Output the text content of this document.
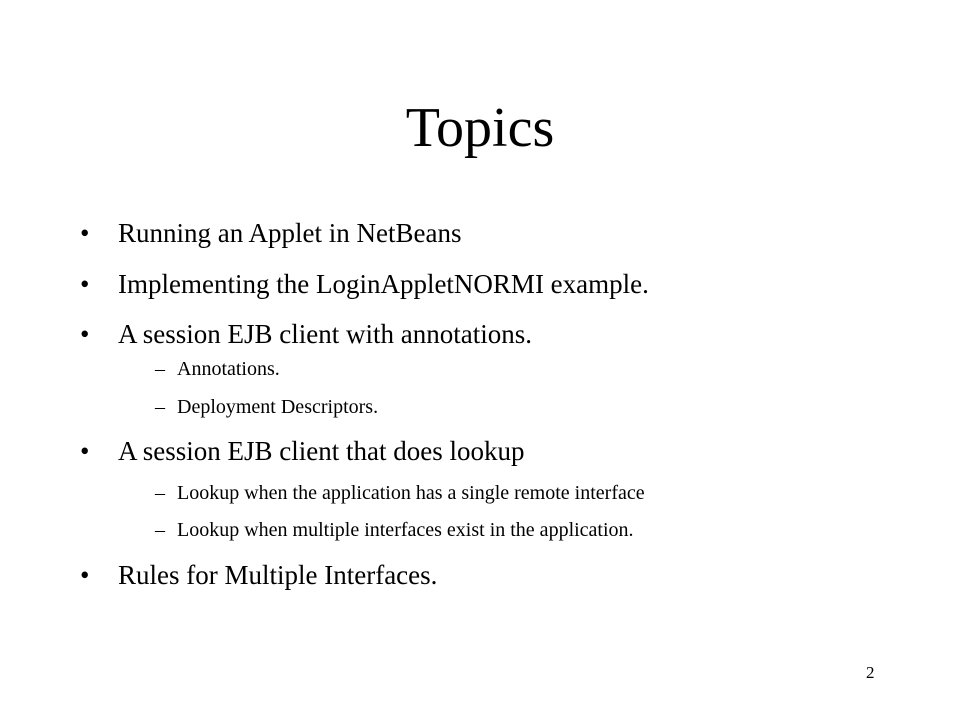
Topics
• Running an Applet in NetBeans
• Implementing the LoginAppletNORMI example.
• A session EJB client with annotations.
– Annotations.
– Deployment Descriptors.
• A session EJB client that does lookup
– Lookup when the application has a single remote interface
– Lookup when multiple interfaces exist in the application.
• Rules for Multiple Interfaces.
2
